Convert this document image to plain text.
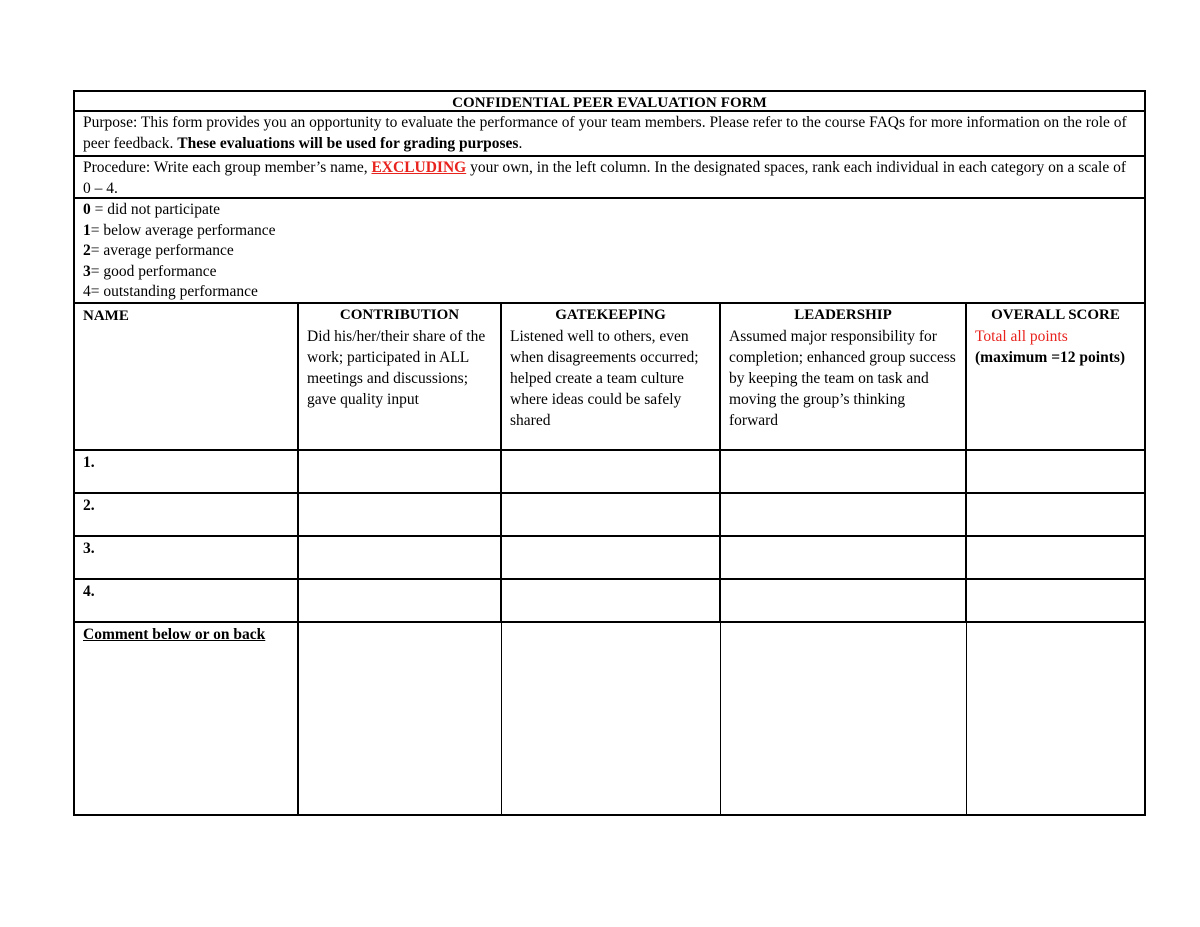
CONFIDENTIAL PEER EVALUATION FORM
Purpose: This form provides you an opportunity to evaluate the performance of your team members. Please refer to the course FAQs for more information on the role of peer feedback. These evaluations will be used for grading purposes.
Procedure: Write each group member’s name, EXCLUDING your own, in the left column. In the designated spaces, rank each individual in each category on a scale of 0 – 4.
0 = did not participate
1= below average performance
2= average performance
3= good performance
4= outstanding performance
NAME	CONTRIBUTION
Did his/her/their share of the work; participated in ALL meetings and discussions; gave quality input
GATEKEEPING
Listened well to others, even when disagreements occurred; helped create a team culture where ideas could be safely shared
LEADERSHIP
Assumed major responsibility for completion; enhanced group success by keeping the team on task and moving the group’s thinking forward
OVERALL SCORE
Total all points
(maximum =12 points)
1.
2.
3.
4.
Comment below or on back
